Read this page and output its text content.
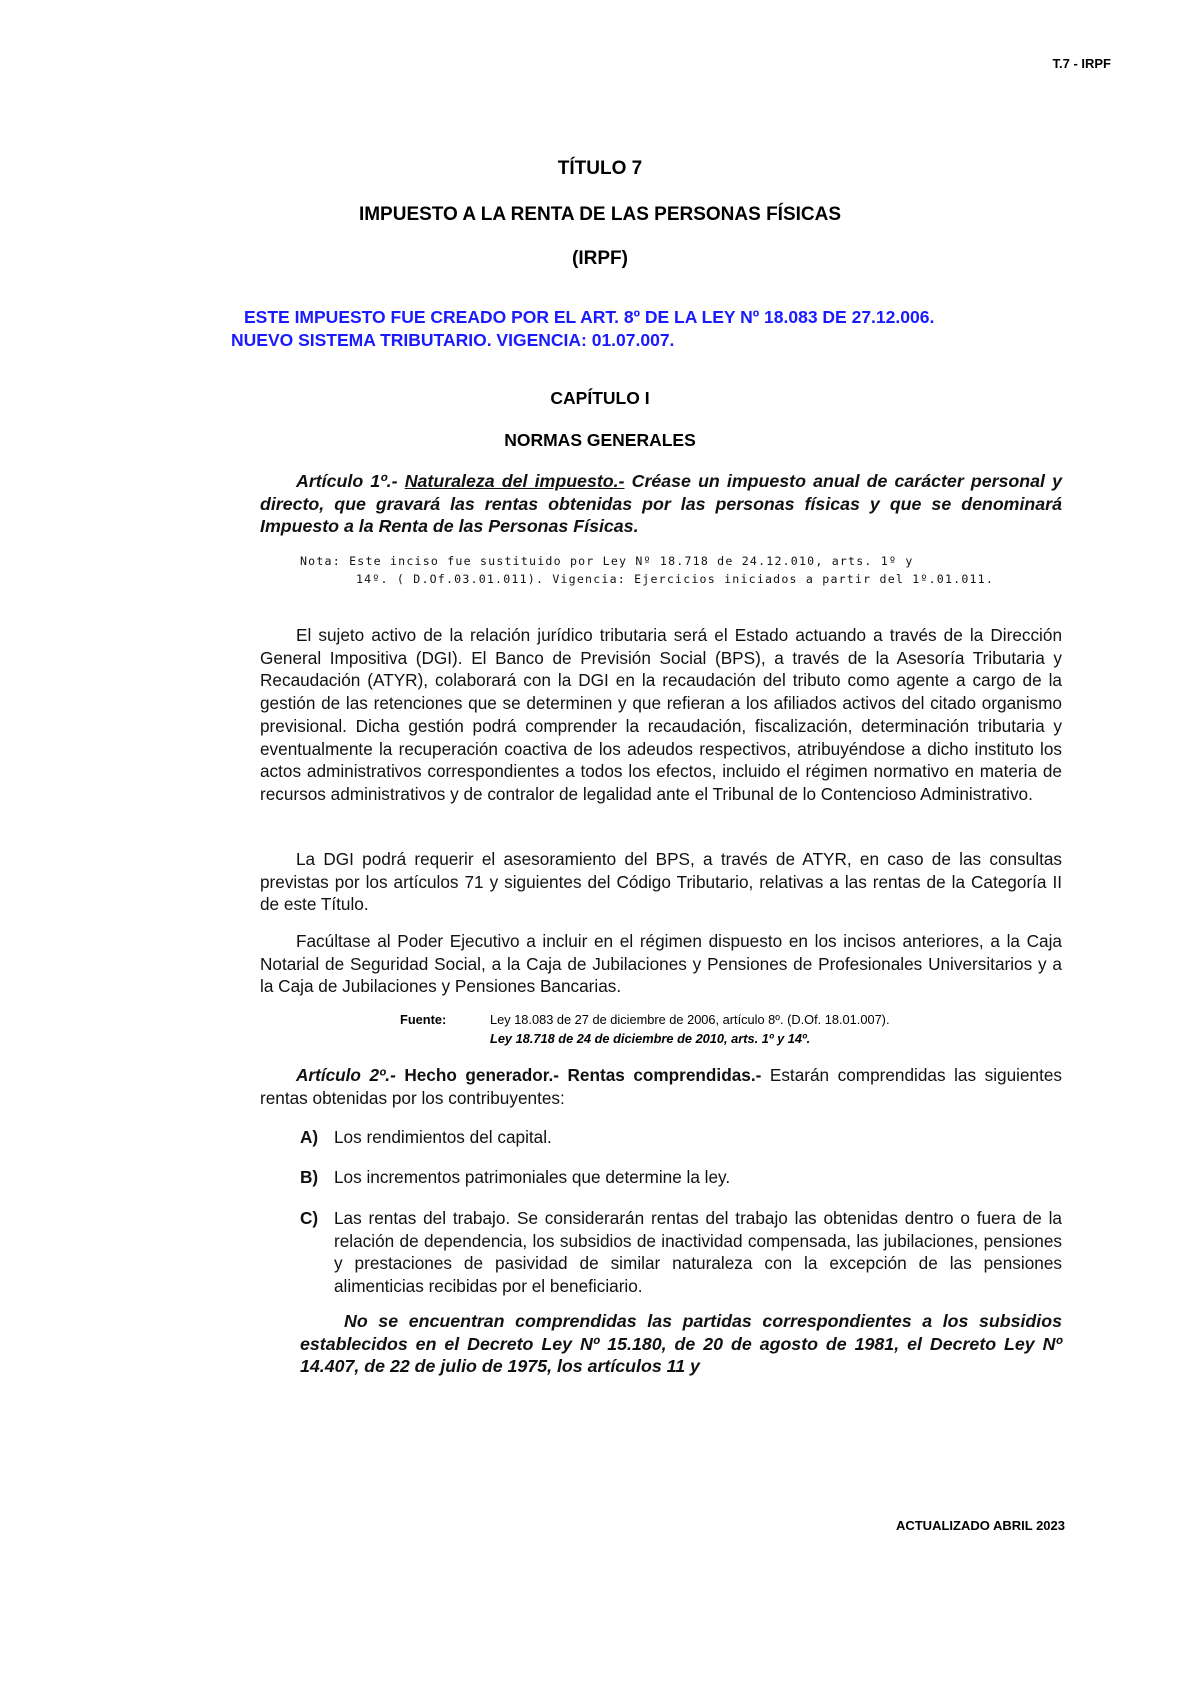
T.7 - IRPF
TÍTULO 7
IMPUESTO A LA RENTA DE LAS PERSONAS FÍSICAS
(IRPF)
ESTE IMPUESTO FUE CREADO POR EL ART. 8º DE LA LEY Nº 18.083 DE 27.12.006.
NUEVO SISTEMA TRIBUTARIO. VIGENCIA: 01.07.007.
CAPÍTULO I
NORMAS GENERALES
Artículo 1º.- Naturaleza del impuesto.- Créase un impuesto anual de carácter personal y directo, que gravará las rentas obtenidas por las personas físicas y que se denominará Impuesto a la Renta de las Personas Físicas.
Nota: Este inciso fue sustituido por Ley Nº 18.718 de 24.12.010, arts. 1º y
14º. ( D.Of.03.01.011). Vigencia: Ejercicios iniciados a partir del 1º.01.011.
El sujeto activo de la relación jurídico tributaria será el Estado actuando a través de la Dirección General Impositiva (DGI). El Banco de Previsión Social (BPS), a través de la Asesoría Tributaria y Recaudación (ATYR), colaborará con la DGI en la recaudación del tributo como agente a cargo de la gestión de las retenciones que se determinen y que refieran a los afiliados activos del citado organismo previsional. Dicha gestión podrá comprender la recaudación, fiscalización, determinación tributaria y eventualmente la recuperación coactiva de los adeudos respectivos, atribuyéndose a dicho instituto los actos administrativos correspondientes a todos los efectos, incluido el régimen normativo en materia de recursos administrativos y de contralor de legalidad ante el Tribunal de lo Contencioso Administrativo.
La DGI podrá requerir el asesoramiento del BPS, a través de ATYR, en caso de las consultas previstas por los artículos 71 y siguientes del Código Tributario, relativas a las rentas de la Categoría II de este Título.
Facúltase al Poder Ejecutivo a incluir en el régimen dispuesto en los incisos anteriores, a la Caja Notarial de Seguridad Social, a la Caja de Jubilaciones y Pensiones de Profesionales Universitarios y a la Caja de Jubilaciones y Pensiones Bancarias.
Fuente:	Ley 18.083 de 27 de diciembre de 2006, artículo 8º. (D.Of. 18.01.007).
Ley 18.718 de 24 de diciembre de 2010, arts. 1º y 14º.
Artículo 2º.- Hecho generador.- Rentas comprendidas.- Estarán comprendidas las siguientes rentas obtenidas por los contribuyentes:
A) Los rendimientos del capital.
B) Los incrementos patrimoniales que determine la ley.
C) Las rentas del trabajo. Se considerarán rentas del trabajo las obtenidas dentro o fuera de la relación de dependencia, los subsidios de inactividad compensada, las jubilaciones, pensiones y prestaciones de pasividad de similar naturaleza con la excepción de las pensiones alimenticias recibidas por el beneficiario.
No se encuentran comprendidas las partidas correspondientes a los subsidios establecidos en el Decreto Ley Nº 15.180, de 20 de agosto de 1981, el Decreto Ley Nº 14.407, de 22 de julio de 1975, los artículos 11 y
ACTUALIZADO ABRIL 2023
